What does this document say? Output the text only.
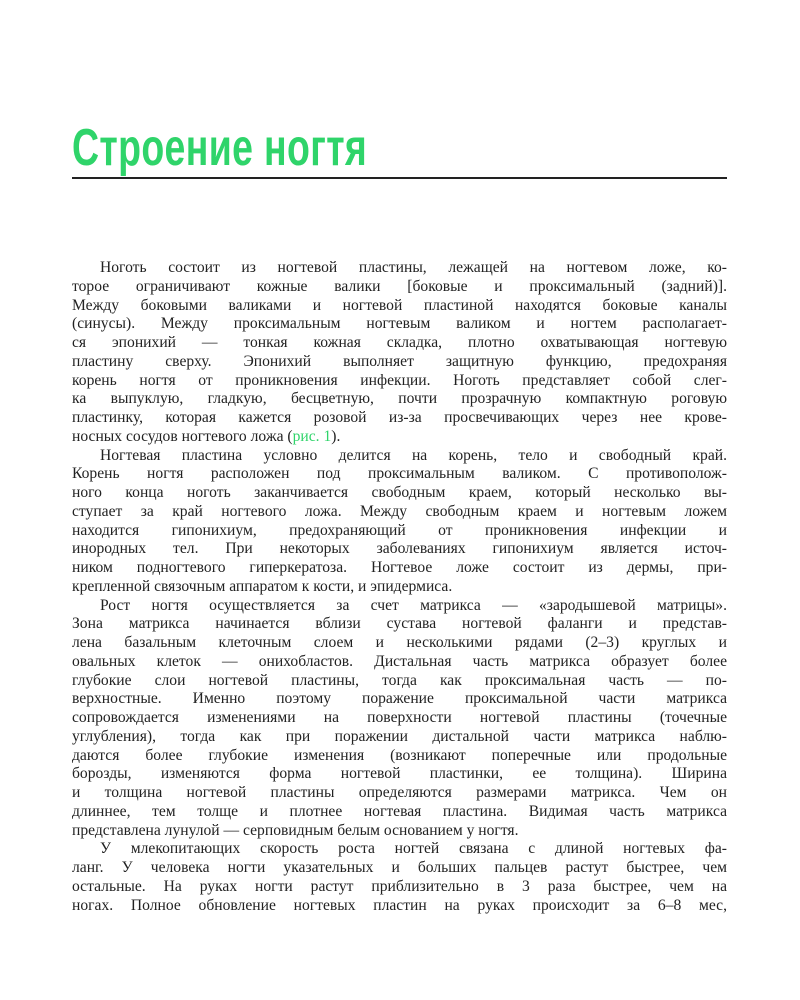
Строение ногтя

Ноготь состоит из ногтевой пластины, лежащей на ногтевом ложе, ко-
торое ограничивают кожные валики [боковые и проксимальный (задний)].
Между боковыми валиками и ногтевой пластиной находятся боковые каналы
(синусы). Между проксимальным ногтевым валиком и ногтем располагает-
ся эпонихий — тонкая кожная складка, плотно охватывающая ногтевую
пластину сверху. Эпонихий выполняет защитную функцию, предохраняя
корень ногтя от проникновения инфекции. Ноготь представляет собой слег-
ка выпуклую, гладкую, бесцветную, почти прозрачную компактную роговую
пластинку, которая кажется розовой из-за просвечивающих через нее крове-
носных сосудов ногтевого ложа (рис. 1).

Ногтевая пластина условно делится на корень, тело и свободный край.
Корень ногтя расположен под проксимальным валиком. С противополож-
ного конца ноготь заканчивается свободным краем, который несколько вы-
ступает за край ногтевого ложа. Между свободным краем и ногтевым ложем
находится гипонихиум, предохраняющий от проникновения инфекции и
инородных тел. При некоторых заболеваниях гипонихиум является источ-
ником подногтевого гиперкератоза. Ногтевое ложе состоит из дермы, при-
крепленной связочным аппаратом к кости, и эпидермиса.

Рост ногтя осуществляется за счет матрикса — «зародышевой матрицы».
Зона матрикса начинается вблизи сустава ногтевой фаланги и представ-
лена базальным клеточным слоем и несколькими рядами (2–3) круглых и
овальных клеток — онихобластов. Дистальная часть матрикса образует более
глубокие слои ногтевой пластины, тогда как проксимальная часть — по-
верхностные. Именно поэтому поражение проксимальной части матрикса
сопровождается изменениями на поверхности ногтевой пластины (точечные
углубления), тогда как при поражении дистальной части матрикса наблю-
даются более глубокие изменения (возникают поперечные или продольные
борозды, изменяются форма ногтевой пластинки, ее толщина). Ширина
и толщина ногтевой пластины определяются размерами матрикса. Чем он
длиннее, тем толще и плотнее ногтевая пластина. Видимая часть матрикса
представлена лунулой — серповидным белым основанием у ногтя.

У млекопитающих скорость роста ногтей связана с длиной ногтевых фа-
ланг. У человека ногти указательных и больших пальцев растут быстрее, чем
остальные. На руках ногти растут приблизительно в 3 раза быстрее, чем на
ногах. Полное обновление ногтевых пластин на руках происходит за 6–8 мес,
